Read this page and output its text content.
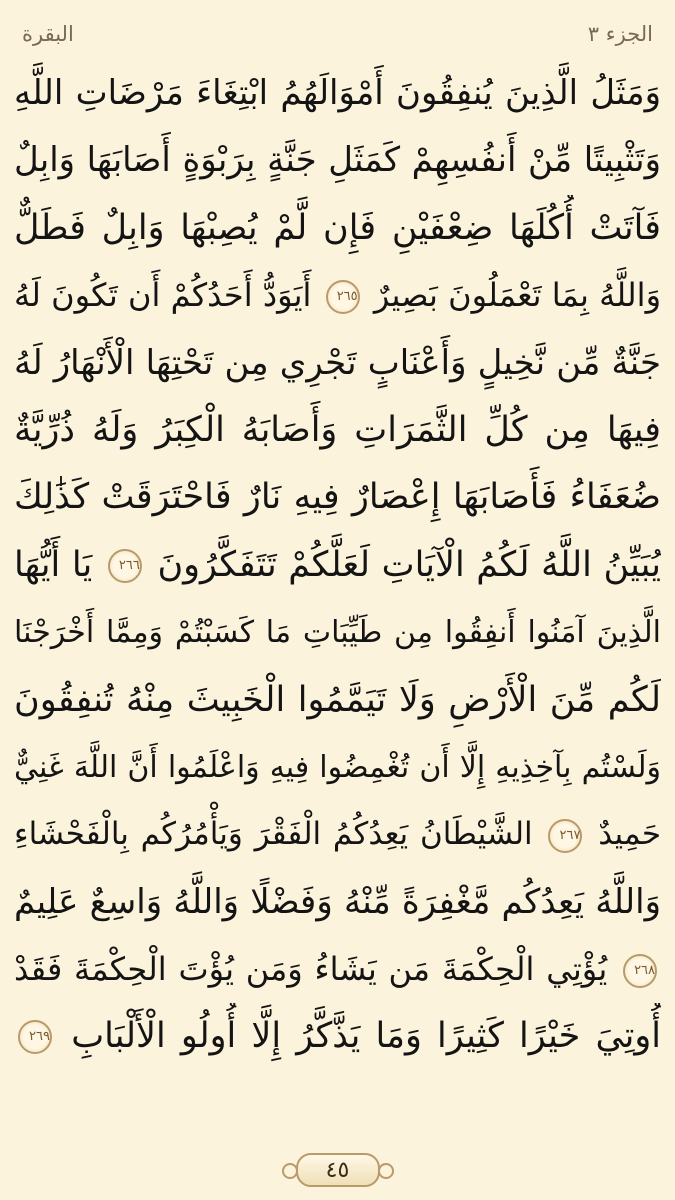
الجزء ٣
البقرة
وَمَثَلُ الَّذِينَ يُنفِقُونَ أَمْوَالَهُمُ ابْتِغَاءَ مَرْضَاتِ اللَّهِ
وَتَثْبِيتًا مِّنْ أَنفُسِهِمْ كَمَثَلِ جَنَّةٍ بِرَبْوَةٍ أَصَابَهَا وَابِلٌ
فَآتَتْ أُكُلَهَا ضِعْفَيْنِ فَإِن لَّمْ يُصِبْهَا وَابِلٌ فَطَلٌّ
وَاللَّهُ بِمَا تَعْمَلُونَ بَصِيرٌ ٢٦٥ أَيَوَدُّ أَحَدُكُمْ أَن تَكُونَ لَهُ
جَنَّةٌ مِّن نَّخِيلٍ وَأَعْنَابٍ تَجْرِي مِن تَحْتِهَا الْأَنْهَارُ لَهُ
فِيهَا مِن كُلِّ الثَّمَرَاتِ وَأَصَابَهُ الْكِبَرُ وَلَهُ ذُرِّيَّةٌ
ضُعَفَاءُ فَأَصَابَهَا إِعْصَارٌ فِيهِ نَارٌ فَاحْتَرَقَتْ كَذَٰلِكَ
يُبَيِّنُ اللَّهُ لَكُمُ الْآيَاتِ لَعَلَّكُمْ تَتَفَكَّرُونَ ٢٦٦ يَا أَيُّهَا
الَّذِينَ آمَنُوا أَنفِقُوا مِن طَيِّبَاتِ مَا كَسَبْتُمْ وَمِمَّا أَخْرَجْنَا
لَكُم مِّنَ الْأَرْضِ وَلَا تَيَمَّمُوا الْخَبِيثَ مِنْهُ تُنفِقُونَ
وَلَسْتُم بِآخِذِيهِ إِلَّا أَن تُغْمِضُوا فِيهِ وَاعْلَمُوا أَنَّ اللَّهَ غَنِيٌّ
حَمِيدٌ ٢٦٧ الشَّيْطَانُ يَعِدُكُمُ الْفَقْرَ وَيَأْمُرُكُم بِالْفَحْشَاءِ
وَاللَّهُ يَعِدُكُم مَّغْفِرَةً مِّنْهُ وَفَضْلًا وَاللَّهُ وَاسِعٌ عَلِيمٌ
٢٦٨ يُؤْتِي الْحِكْمَةَ مَن يَشَاءُ وَمَن يُؤْتَ الْحِكْمَةَ فَقَدْ
أُوتِيَ خَيْرًا كَثِيرًا وَمَا يَذَّكَّرُ إِلَّا أُولُو الْأَلْبَابِ ٢٦٩
٤٥
